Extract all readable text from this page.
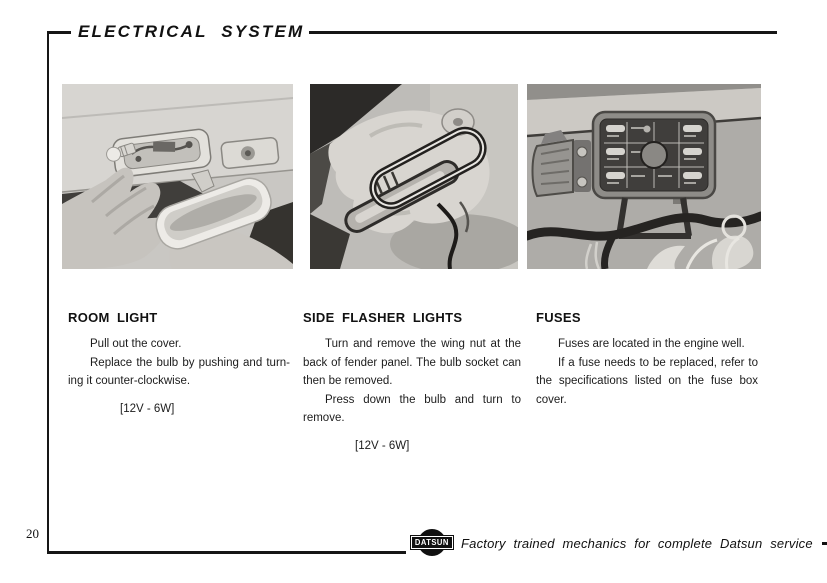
ELECTRICAL SYSTEM
ROOM LIGHT

Pull out the cover.

Replace the bulb by pushing and turn-ing it counter-clockwise.

[12V - 6W]
SIDE FLASHER LIGHTS

Turn and remove the wing nut at the back of fender panel. The bulb socket can then be removed.

Press down the bulb and turn to remove.

[12V - 6W]
FUSES

Fuses are located in the engine well.

If a fuse needs to be replaced, refer to the specifications listed on the fuse box cover.

20
DATSUN Factory trained mechanics for complete Datsun service
